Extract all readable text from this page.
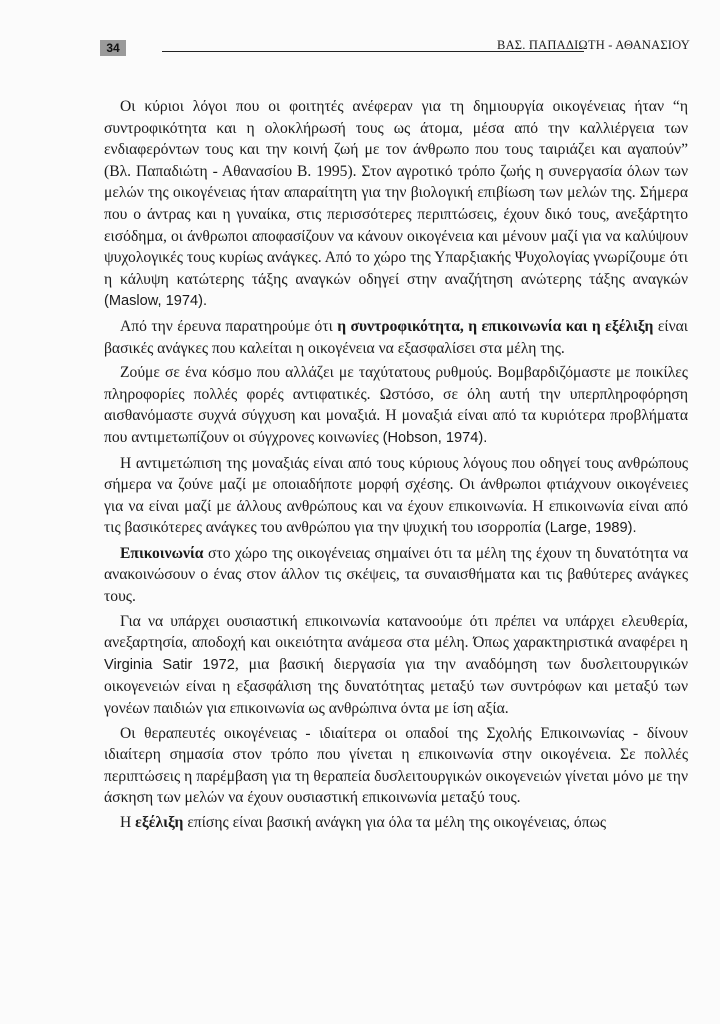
34	ΒΑΣ. ΠΑΠΑΔΙΩΤΗ - ΑΘΑΝΑΣΙΟΥ

Οι κύριοι λόγοι που οι φοιτητές ανέφεραν για τη δημιουργία οικογένειας ήταν “η συντροφικότητα και η ολοκλήρωσή τους ως άτομα, μέσα από την καλλιέργεια των ενδιαφερόντων τους και την κοινή ζωή με τον άνθρωπο που τους ταιριάζει και αγαπούν” (Βλ. Παπαδιώτη - Αθανασίου Β. 1995). Στον αγροτικό τρόπο ζωής η συνεργασία όλων των μελών της οικογένειας ήταν απαραίτητη για την βιολογική επιβίωση των μελών της. Σήμερα που ο άντρας και η γυναίκα, στις περισσότερες περιπτώσεις, έχουν δικό τους, ανεξάρτητο εισόδημα, οι άνθρωποι αποφασίζουν να κάνουν οικογένεια και μένουν μαζί για να καλύψουν ψυχολογικές τους κυρίως ανάγκες. Από το χώρο της Υπαρξιακής Ψυχολογίας γνωρίζουμε ότι η κάλυψη κατώτερης τάξης αναγκών οδηγεί στην αναζήτηση ανώτερης τάξης αναγκών (Maslow, 1974).

Από την έρευνα παρατηρούμε ότι η συντροφικότητα, η επικοινωνία και η εξέλιξη είναι βασικές ανάγκες που καλείται η οικογένεια να εξασφαλίσει στα μέλη της.

Ζούμε σε ένα κόσμο που αλλάζει με ταχύτατους ρυθμούς. Βομβαρδιζόμαστε με ποικίλες πληροφορίες πολλές φορές αντιφατικές. Ωστόσο, σε όλη αυτή την υπερπληροφόρηση αισθανόμαστε συχνά σύγχυση και μοναξιά. Η μοναξιά είναι από τα κυριότερα προβλήματα που αντιμετωπίζουν οι σύγχρονες κοινωνίες (Hobson, 1974).

Η αντιμετώπιση της μοναξιάς είναι από τους κύριους λόγους που οδηγεί τους ανθρώπους σήμερα να ζούνε μαζί με οποιαδήποτε μορφή σχέσης. Οι άνθρωποι φτιάχνουν οικογένειες για να είναι μαζί με άλλους ανθρώπους και να έχουν επικοινωνία. Η επικοινωνία είναι από τις βασικότερες ανάγκες του ανθρώπου για την ψυχική του ισορροπία (Large, 1989).

Επικοινωνία στο χώρο της οικογένειας σημαίνει ότι τα μέλη της έχουν τη δυνατότητα να ανακοινώσουν ο ένας στον άλλον τις σκέψεις, τα συναισθήματα και τις βαθύτερες ανάγκες τους.

Για να υπάρχει ουσιαστική επικοινωνία κατανοούμε ότι πρέπει να υπάρχει ελευθερία, ανεξαρτησία, αποδοχή και οικειότητα ανάμεσα στα μέλη. Όπως χαρακτηριστικά αναφέρει η Virginia Satir 1972, μια βασική διεργασία για την αναδόμηση των δυσλειτουργικών οικογενειών είναι η εξασφάλιση της δυνατότητας μεταξύ των συντρόφων και μεταξύ των γονέων παιδιών για επικοινωνία ως ανθρώπινα όντα με ίση αξία.

Οι θεραπευτές οικογένειας - ιδιαίτερα οι οπαδοί της Σχολής Επικοινωνίας - δίνουν ιδιαίτερη σημασία στον τρόπο που γίνεται η επικοινωνία στην οικογένεια. Σε πολλές περιπτώσεις η παρέμβαση για τη θεραπεία δυσλειτουργικών οικογενειών γίνεται μόνο με την άσκηση των μελών να έχουν ουσιαστική επικοινωνία μεταξύ τους.

Η εξέλιξη επίσης είναι βασική ανάγκη για όλα τα μέλη της οικογένειας, όπως
